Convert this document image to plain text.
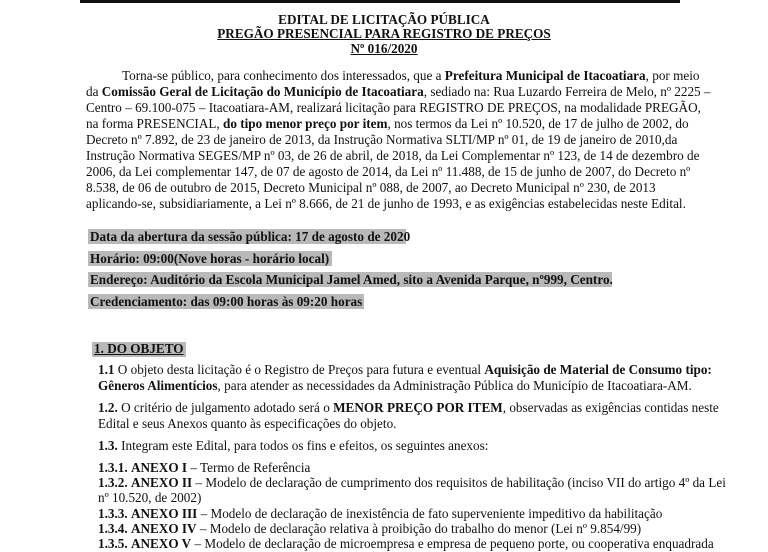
EDITAL DE LICITAÇÃO PÚBLICA
PREGÃO PRESENCIAL PARA REGISTRO DE PREÇOS
Nº 016/2020
Torna-se público, para conhecimento dos interessados, que a Prefeitura Municipal de Itacoatiara, por meio
da Comissão Geral de Licitação do Município de Itacoatiara, sediado na: Rua Luzardo Ferreira de Melo, nº 2225 –
Centro – 69.100-075 – Itacoatiara-AM, realizará licitação para REGISTRO DE PREÇOS, na modalidade PREGÃO,
na forma PRESENCIAL, do tipo menor preço por item, nos termos da Lei nº 10.520, de 17 de julho de 2002, do
Decreto nº 7.892, de 23 de janeiro de 2013, da Instrução Normativa SLTI/MP nº 01, de 19 de janeiro de 2010,da
Instrução Normativa SEGES/MP nº 03, de 26 de abril, de 2018, da Lei Complementar nº 123, de 14 de dezembro de
2006, da Lei complementar 147, de 07 de agosto de 2014, da Lei nº 11.488, de 15 de junho de 2007, do Decreto nº
8.538, de 06 de outubro de 2015, Decreto Municipal nº 088, de 2007, ao Decreto Municipal nº 230, de 2013
aplicando-se, subsidiariamente, a Lei nº 8.666, de 21 de junho de 1993, e as exigências estabelecidas neste Edital.
Data da abertura da sessão pública: 17 de agosto de 2020
Horário: 09:00(Nove horas - horário local)
Endereço: Auditório da Escola Municipal Jamel Amed, sito a Avenida Parque, nº999, Centro.
Credenciamento: das 09:00 horas às 09:20 horas
1. DO OBJETO
1.1 O objeto desta licitação é o Registro de Preços para futura e eventual Aquisição de Material de Consumo tipo:
Gêneros Alimentícios, para atender as necessidades da Administração Pública do Município de Itacoatiara-AM.
1.2. O critério de julgamento adotado será o MENOR PREÇO POR ITEM, observadas as exigências contidas neste
Edital e seus Anexos quanto às especificações do objeto.
1.3. Integram este Edital, para todos os fins e efeitos, os seguintes anexos:
1.3.1. ANEXO I – Termo de Referência
1.3.2. ANEXO II – Modelo de declaração de cumprimento dos requisitos de habilitação (inciso VII do artigo 4º da Lei
nº 10.520, de 2002)
1.3.3. ANEXO III – Modelo de declaração de inexistência de fato superveniente impeditivo da habilitação
1.3.4. ANEXO IV – Modelo de declaração relativa à proibição do trabalho do menor (Lei nº 9.854/99)
1.3.5. ANEXO V – Modelo de declaração de microempresa e empresa de pequeno porte, ou cooperativa enquadrada
